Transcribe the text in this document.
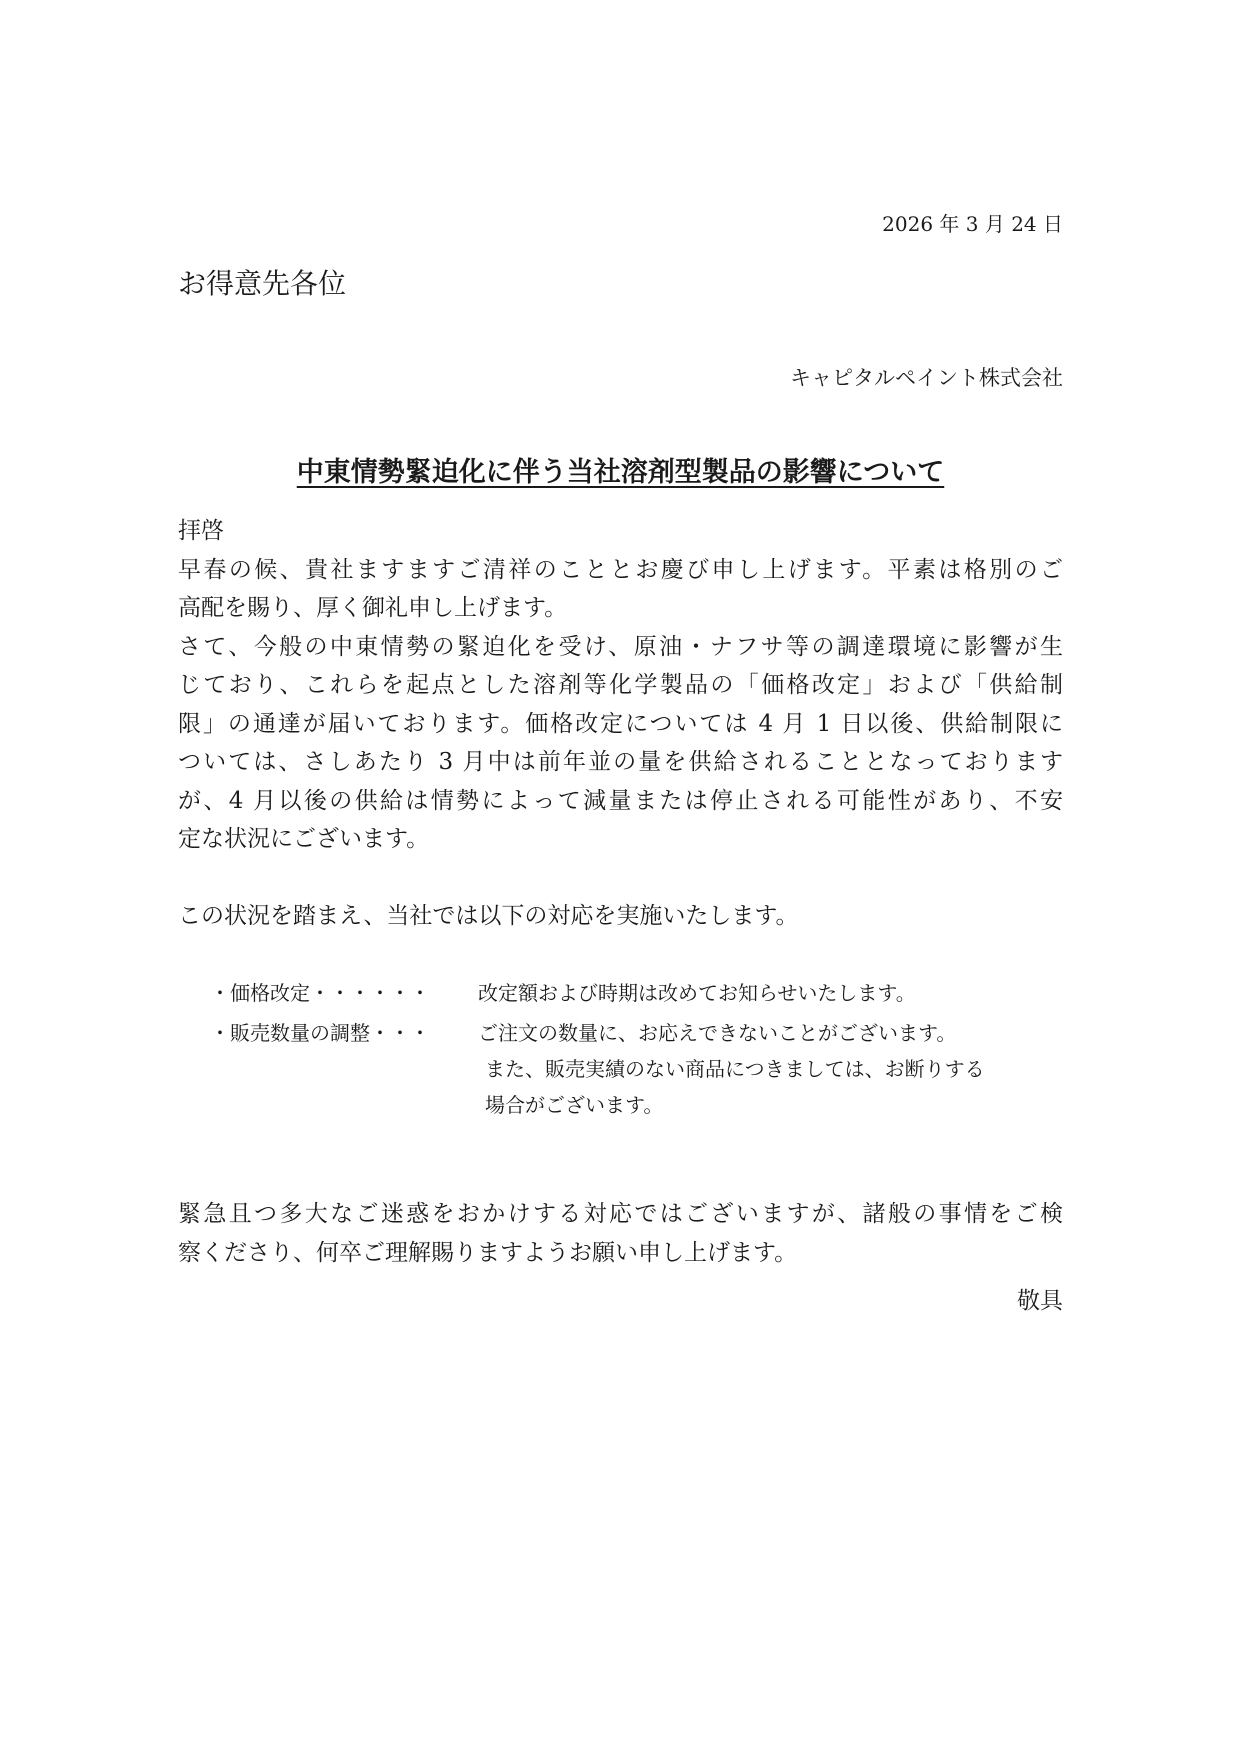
2026 年 3 月 24 日
お得意先各位
キャピタルペイント株式会社
中東情勢緊迫化に伴う当社溶剤型製品の影響について
拝啓
早春の候、貴社ますますご清祥のこととお慶び申し上げます。平素は格別のご
高配を賜り、厚く御礼申し上げます。
さて、今般の中東情勢の緊迫化を受け、原油・ナフサ等の調達環境に影響が生
じており、これらを起点とした溶剤等化学製品の「価格改定」および「供給制
限」の通達が届いております。価格改定については 4 月 1 日以後、供給制限に
ついては、さしあたり 3 月中は前年並の量を供給されることとなっております
が、4 月以後の供給は情勢によって減量または停止される可能性があり、不安
定な状況にございます。
この状況を踏まえ、当社では以下の対応を実施いたします。
・価格改定・・・・・・	改定額および時期は改めてお知らせいたします。
・販売数量の調整・・・	ご注文の数量に、お応えできないことがございます。
また、販売実績のない商品につきましては、お断りする
場合がございます。
緊急且つ多大なご迷惑をおかけする対応ではございますが、諸般の事情をご検
察くださり、何卒ご理解賜りますようお願い申し上げます。
敬具
